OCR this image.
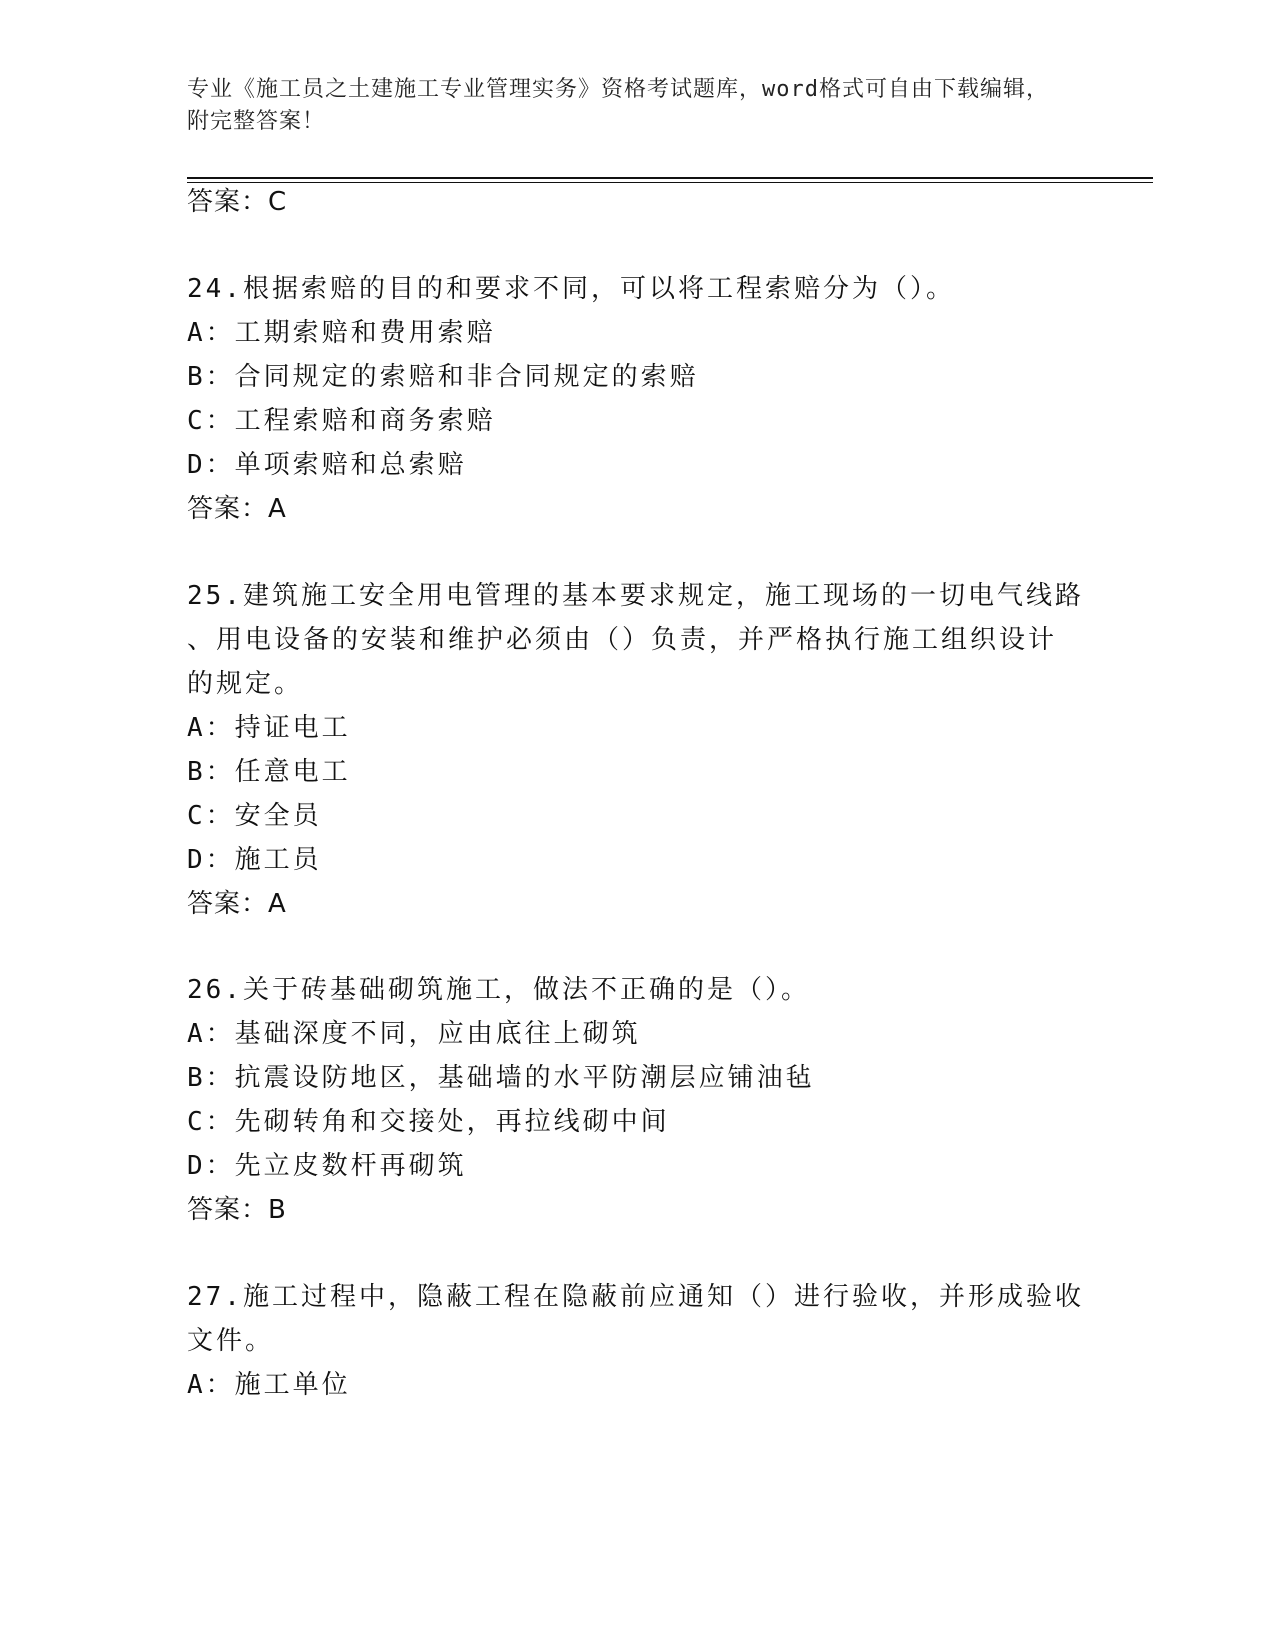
专业《施工员之土建施工专业管理实务》资格考试题库，word格式可自由下载编辑，附完整答案！
答案：C
24.根据索赔的目的和要求不同，可以将工程索赔分为（）。
A：工期索赔和费用索赔
B：合同规定的索赔和非合同规定的索赔
C：工程索赔和商务索赔
D：单项索赔和总索赔
答案：A
25.建筑施工安全用电管理的基本要求规定，施工现场的一切电气线路
、用电设备的安装和维护必须由（）负责，并严格执行施工组织设计
的规定。
A：持证电工
B：任意电工
C：安全员
D：施工员
答案：A
26.关于砖基础砌筑施工，做法不正确的是（）。
A：基础深度不同，应由底往上砌筑
B：抗震设防地区，基础墙的水平防潮层应铺油毡
C：先砌转角和交接处，再拉线砌中间
D：先立皮数杆再砌筑
答案：B
27.施工过程中，隐蔽工程在隐蔽前应通知（）进行验收，并形成验收
文件。
A：施工单位
